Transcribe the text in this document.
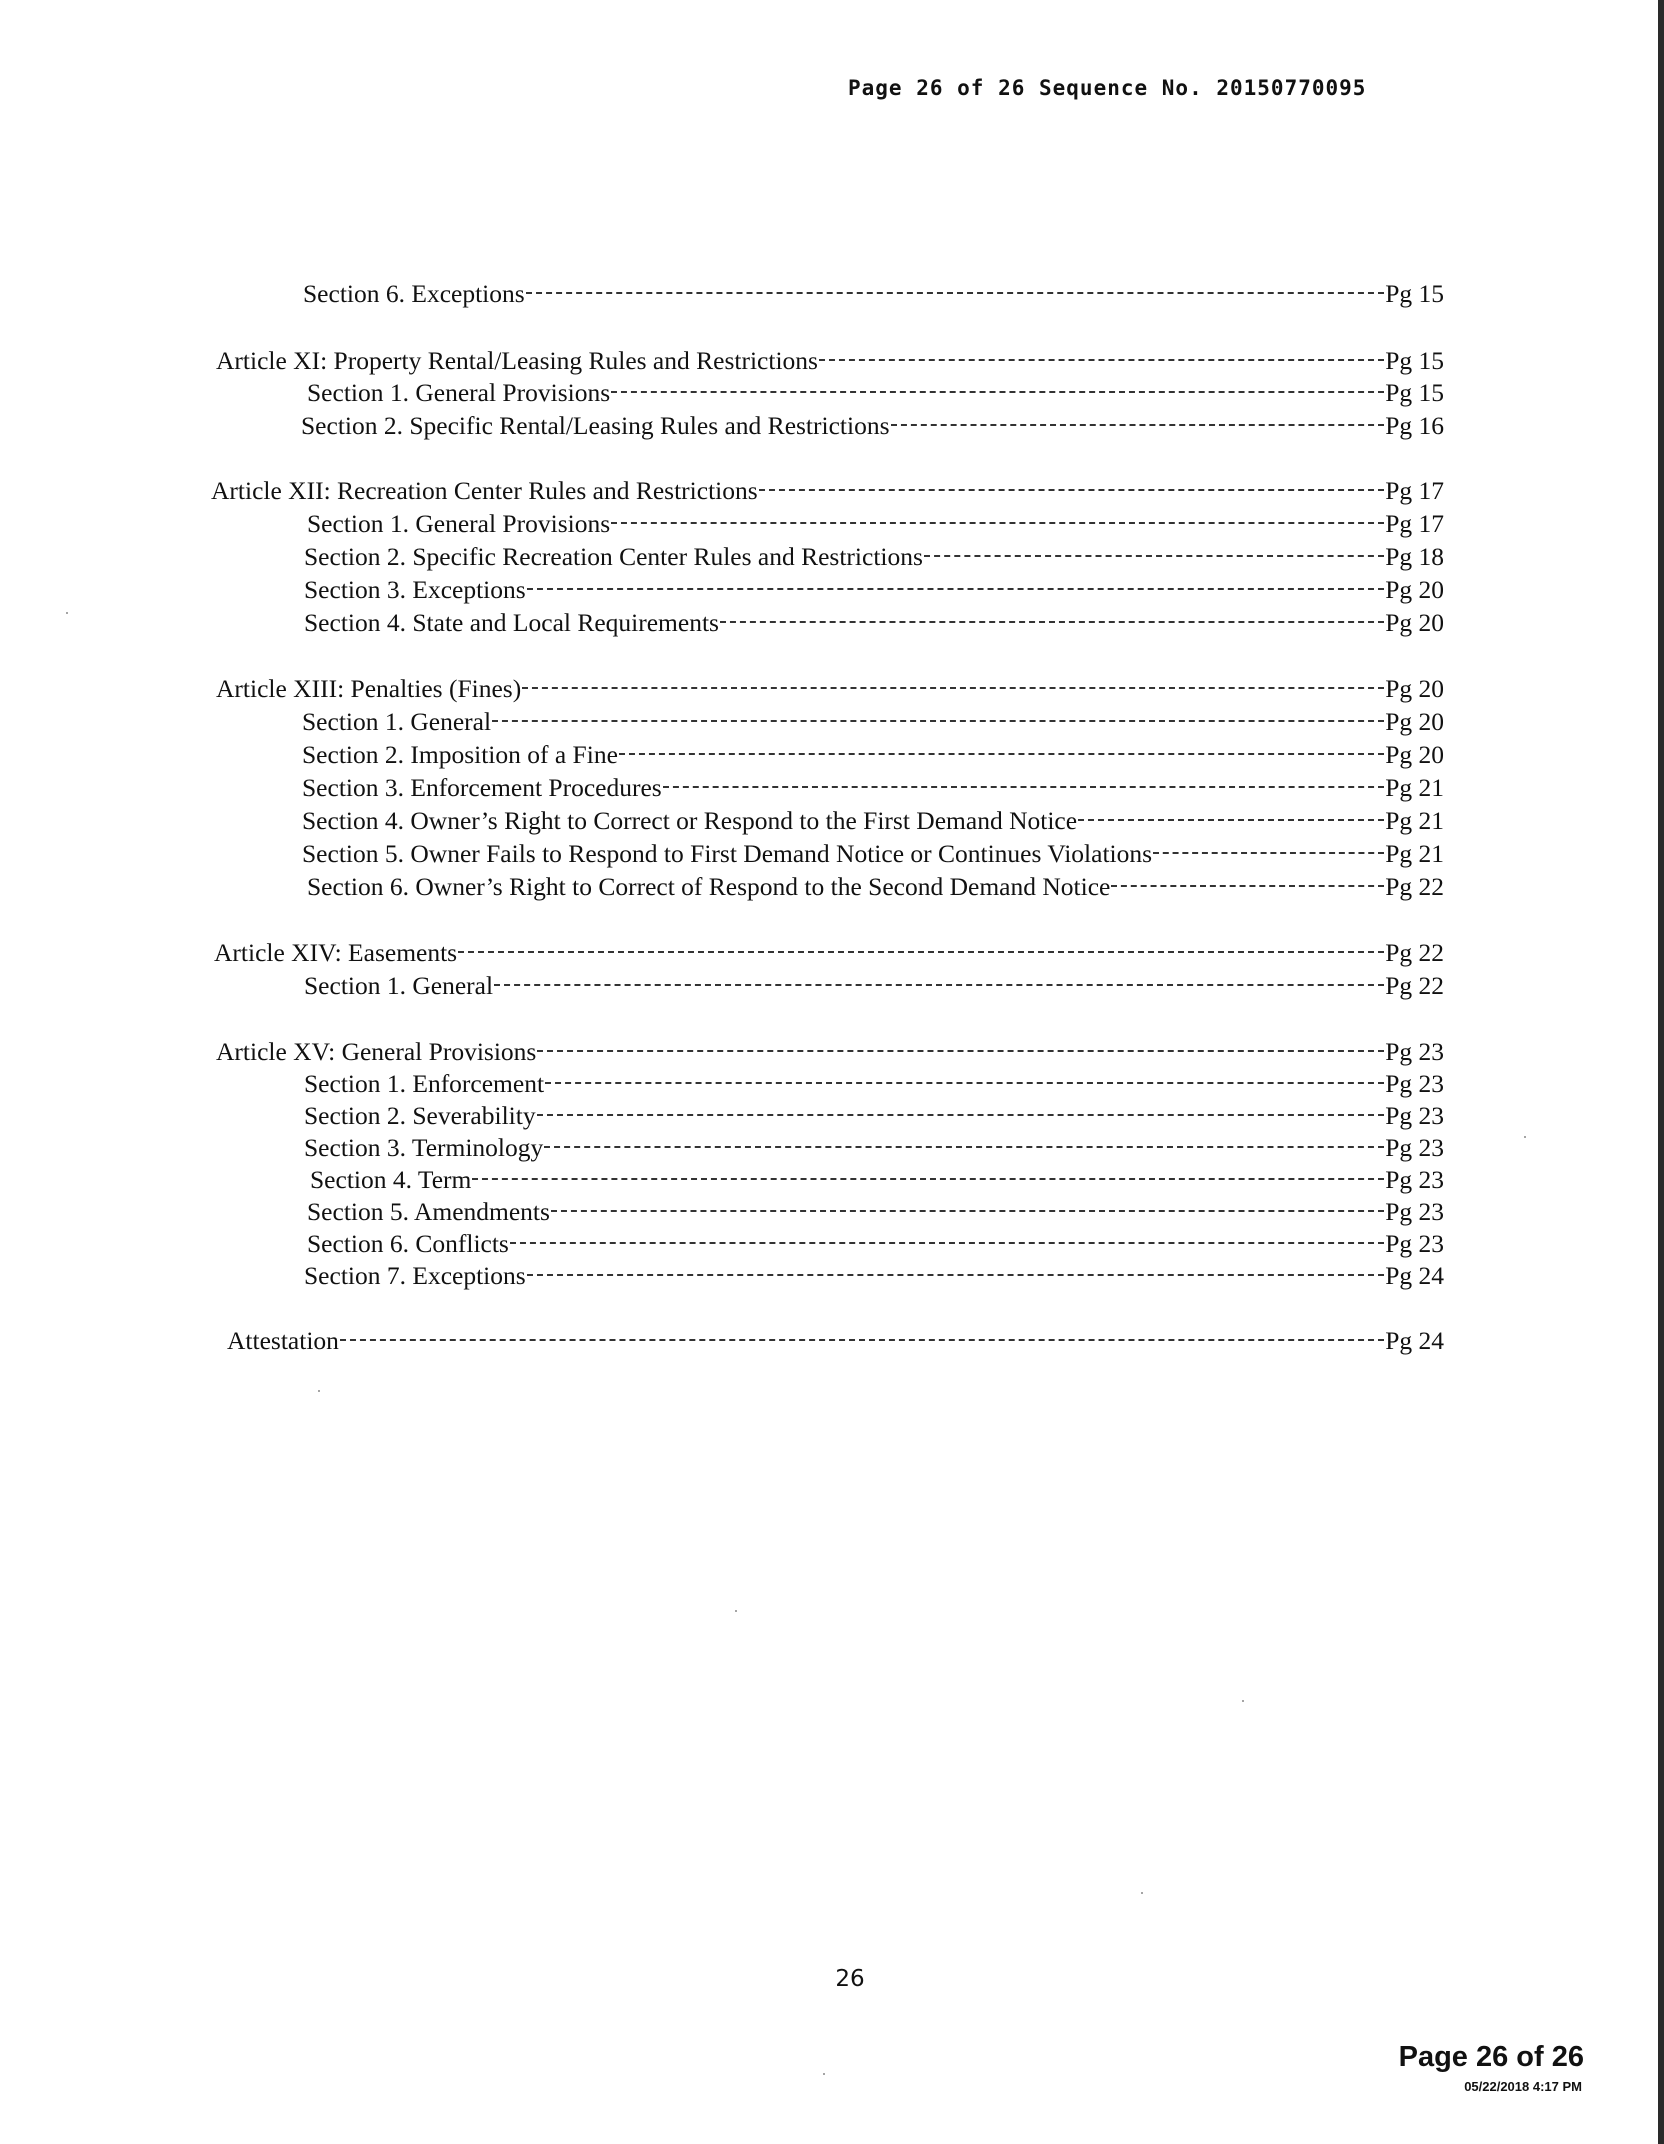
Page 26 of 26 Sequence No. 20150770095
Section 6. Exceptions	Pg 15
Article XI: Property Rental/Leasing Rules and Restrictions	Pg 15
Section 1. General Provisions	Pg 15
Section 2. Specific Rental/Leasing Rules and Restrictions	Pg 16
Article XII: Recreation Center Rules and Restrictions	Pg 17
Section 1. General Provisions	Pg 17
Section 2. Specific Recreation Center Rules and Restrictions	Pg 18
Section 3. Exceptions	Pg 20
Section 4. State and Local Requirements	Pg 20
Article XIII: Penalties (Fines)	Pg 20
Section 1. General	Pg 20
Section 2. Imposition of a Fine	Pg 20
Section 3. Enforcement Procedures	Pg 21
Section 4. Owner’s Right to Correct or Respond to the First Demand Notice	Pg 21
Section 5. Owner Fails to Respond to First Demand Notice or Continues Violations	Pg 21
Section 6. Owner’s Right to Correct of Respond to the Second Demand Notice	Pg 22
Article XIV: Easements	Pg 22
Section 1. General	Pg 22
Article XV: General Provisions	Pg 23
Section 1. Enforcement	Pg 23
Section 2. Severability	Pg 23
Section 3. Terminology	Pg 23
Section 4. Term	Pg 23
Section 5. Amendments	Pg 23
Section 6. Conflicts	Pg 23
Section 7. Exceptions	Pg 24
Attestation	Pg 24
26
Page 26 of 26
05/22/2018 4:17 PM
